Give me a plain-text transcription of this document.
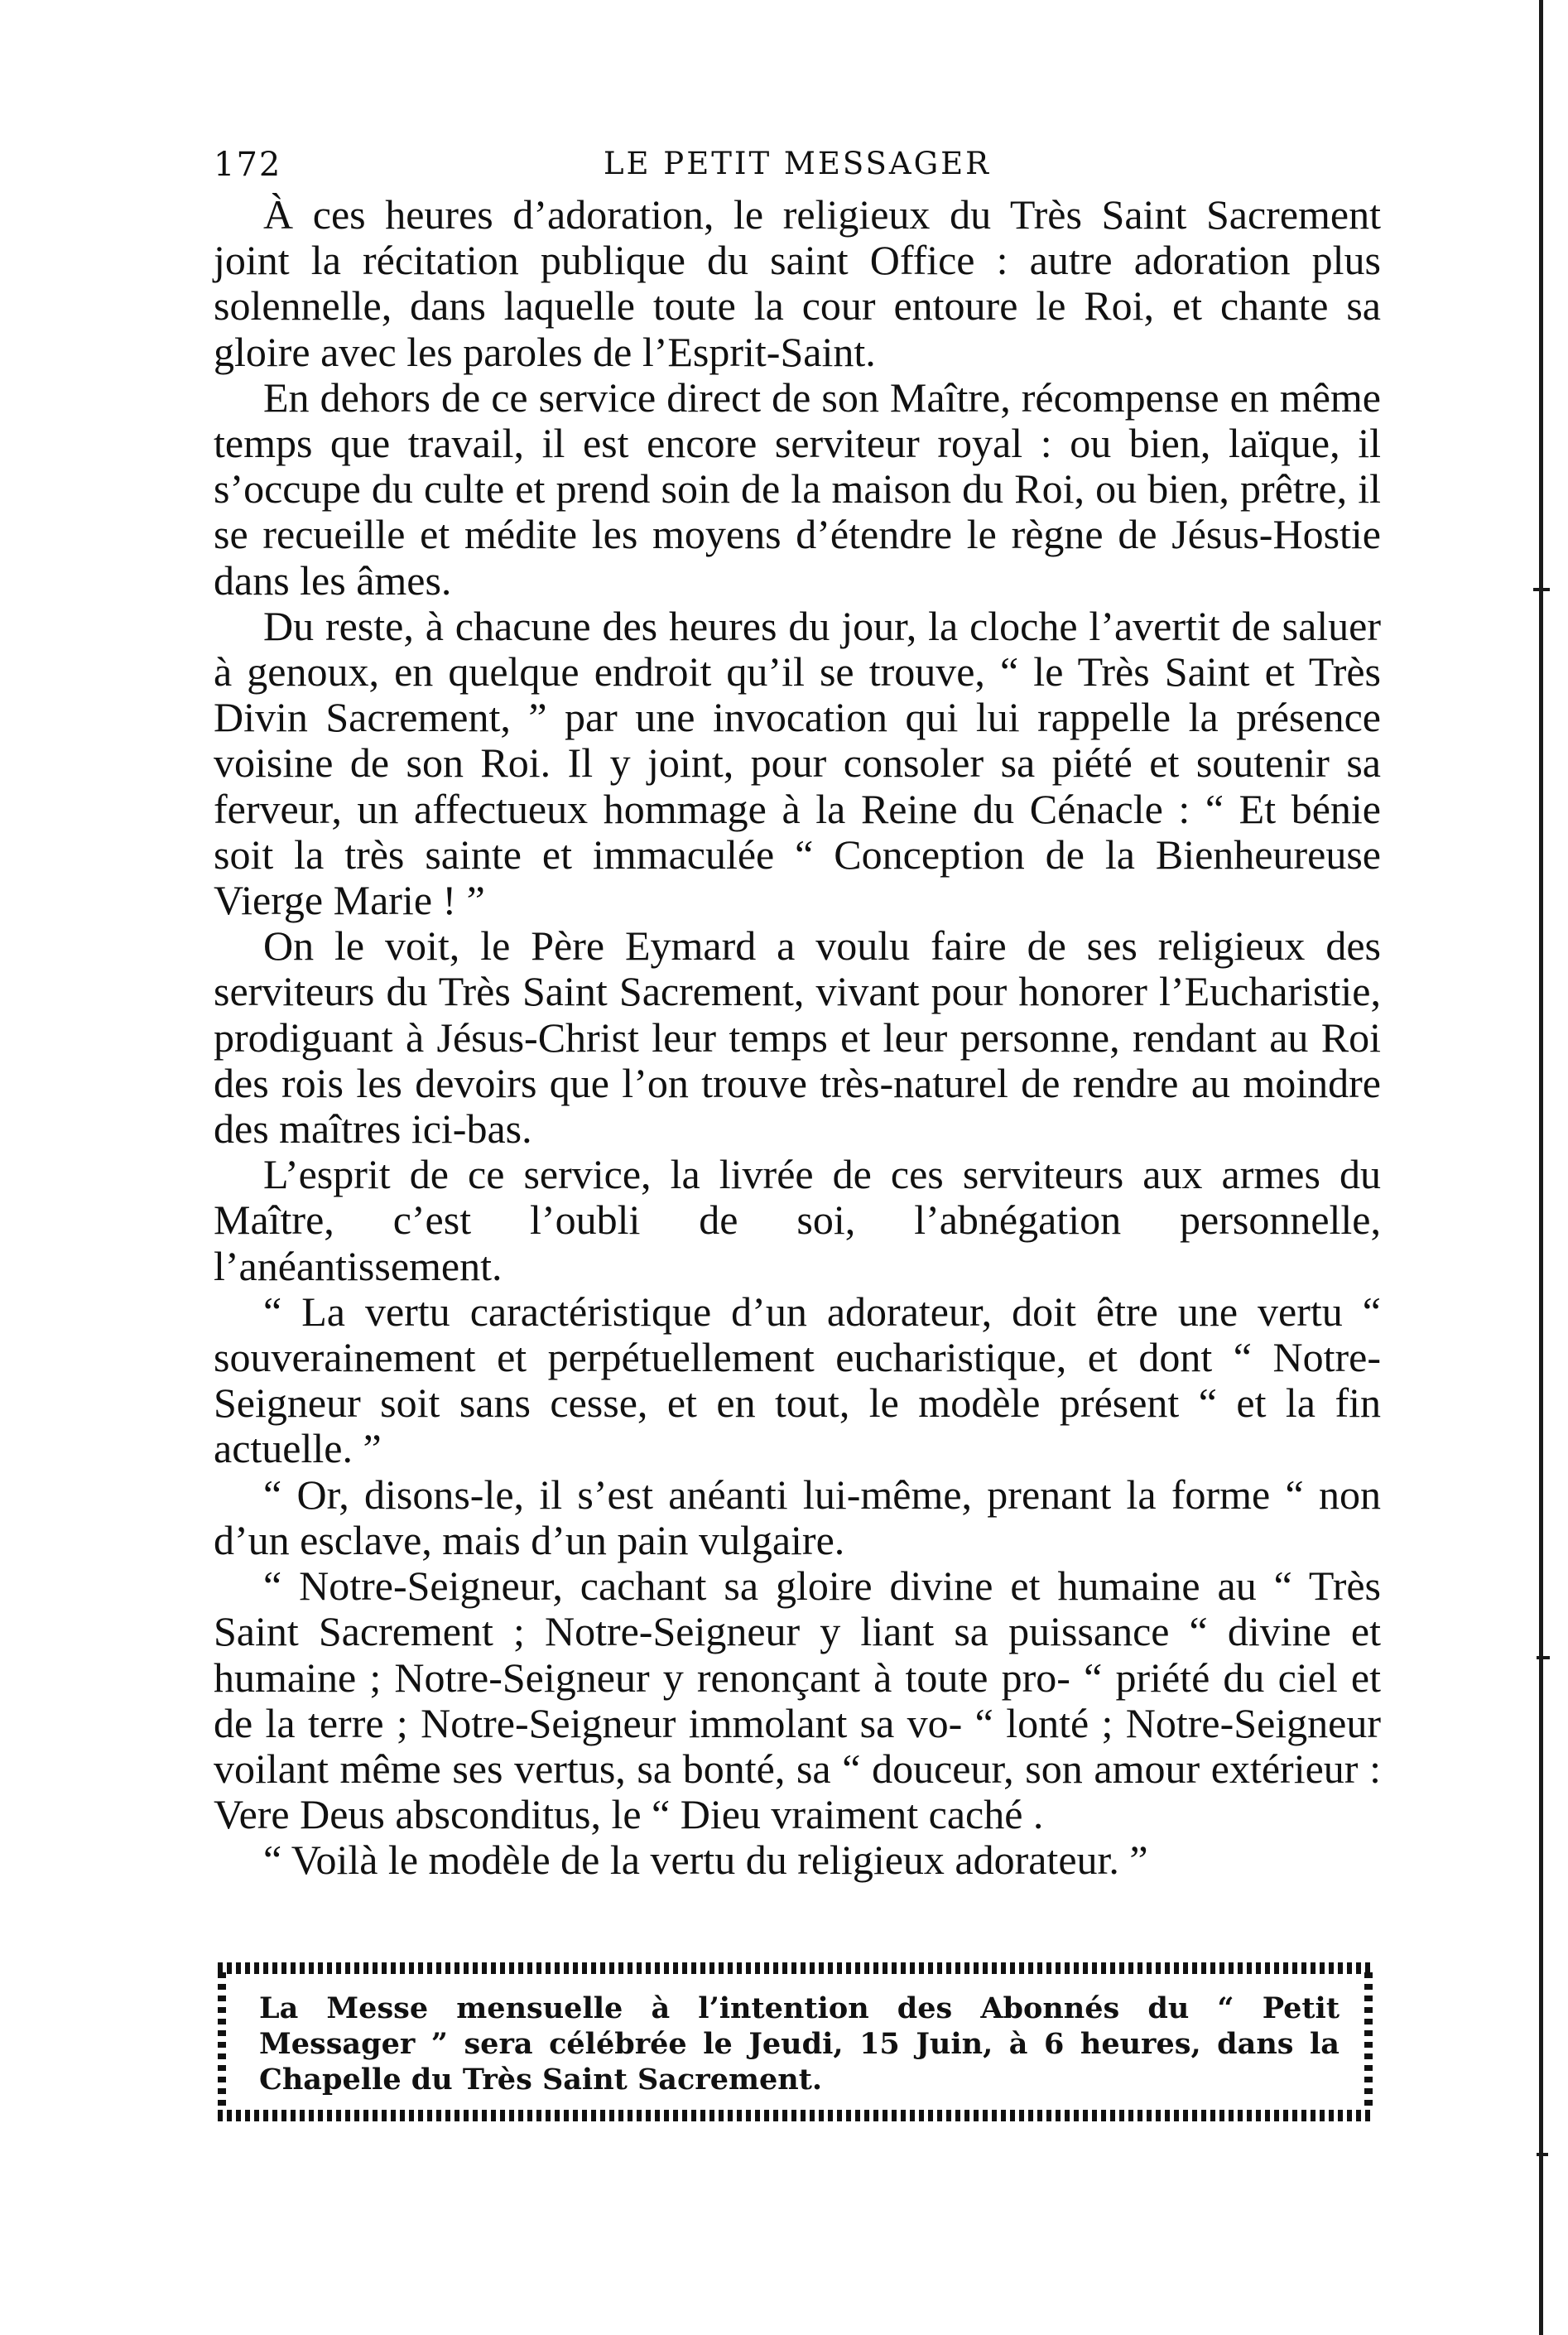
172	LE PETIT MESSAGER

À ces heures d’adoration, le religieux du Très Saint Sacrement joint la récitation publique du saint Office : autre adoration plus solennelle, dans laquelle toute la cour entoure le Roi, et chante sa gloire avec les paroles de l’Esprit-Saint.

En dehors de ce service direct de son Maître, récompense en même temps que travail, il est encore serviteur royal : ou bien, laïque, il s’occupe du culte et prend soin de la maison du Roi, ou bien, prêtre, il se recueille et médite les moyens d’étendre le règne de Jésus-Hostie dans les âmes.

Du reste, à chacune des heures du jour, la cloche l’avertit de saluer à genoux, en quelque endroit qu’il se trouve, “ le Très Saint et Très Divin Sacrement, ” par une invocation qui lui rappelle la présence voisine de son Roi. Il y joint, pour consoler sa piété et soutenir sa ferveur, un affectueux hommage à la Reine du Cénacle : “ Et bénie soit la très sainte et immaculée “ Conception de la Bienheureuse Vierge Marie ! ”

On le voit, le Père Eymard a voulu faire de ses religieux des serviteurs du Très Saint Sacrement, vivant pour honorer l’Eucharistie, prodiguant à Jésus-Christ leur temps et leur personne, rendant au Roi des rois les devoirs que l’on trouve très-naturel de rendre au moindre des maîtres ici-bas.

L’esprit de ce service, la livrée de ces serviteurs aux armes du Maître, c’est l’oubli de soi, l’abnégation personnelle, l’anéantissement.

“ La vertu caractéristique d’un adorateur, doit être une vertu “ souverainement et perpétuellement eucharistique, et dont “ Notre-Seigneur soit sans cesse, et en tout, le modèle présent “ et la fin actuelle. ”

“ Or, disons-le, il s’est anéanti lui-même, prenant la forme “ non d’un esclave, mais d’un pain vulgaire.

“ Notre-Seigneur, cachant sa gloire divine et humaine au “ Très Saint Sacrement ; Notre-Seigneur y liant sa puissance “ divine et humaine ; Notre-Seigneur y renonçant à toute pro- “ priété du ciel et de la terre ; Notre-Seigneur immolant sa vo- “ lonté ; Notre-Seigneur voilant même ses vertus, sa bonté, sa “ douceur, son amour extérieur : Vere Deus absconditus, le “ Dieu vraiment caché .

“ Voilà le modèle de la vertu du religieux adorateur. ”

La Messe mensuelle à l’intention des Abonnés du “ Petit Messager ” sera célébrée le Jeudi, 15 Juin, à 6 heures, dans la Chapelle du Très Saint Sacrement.
